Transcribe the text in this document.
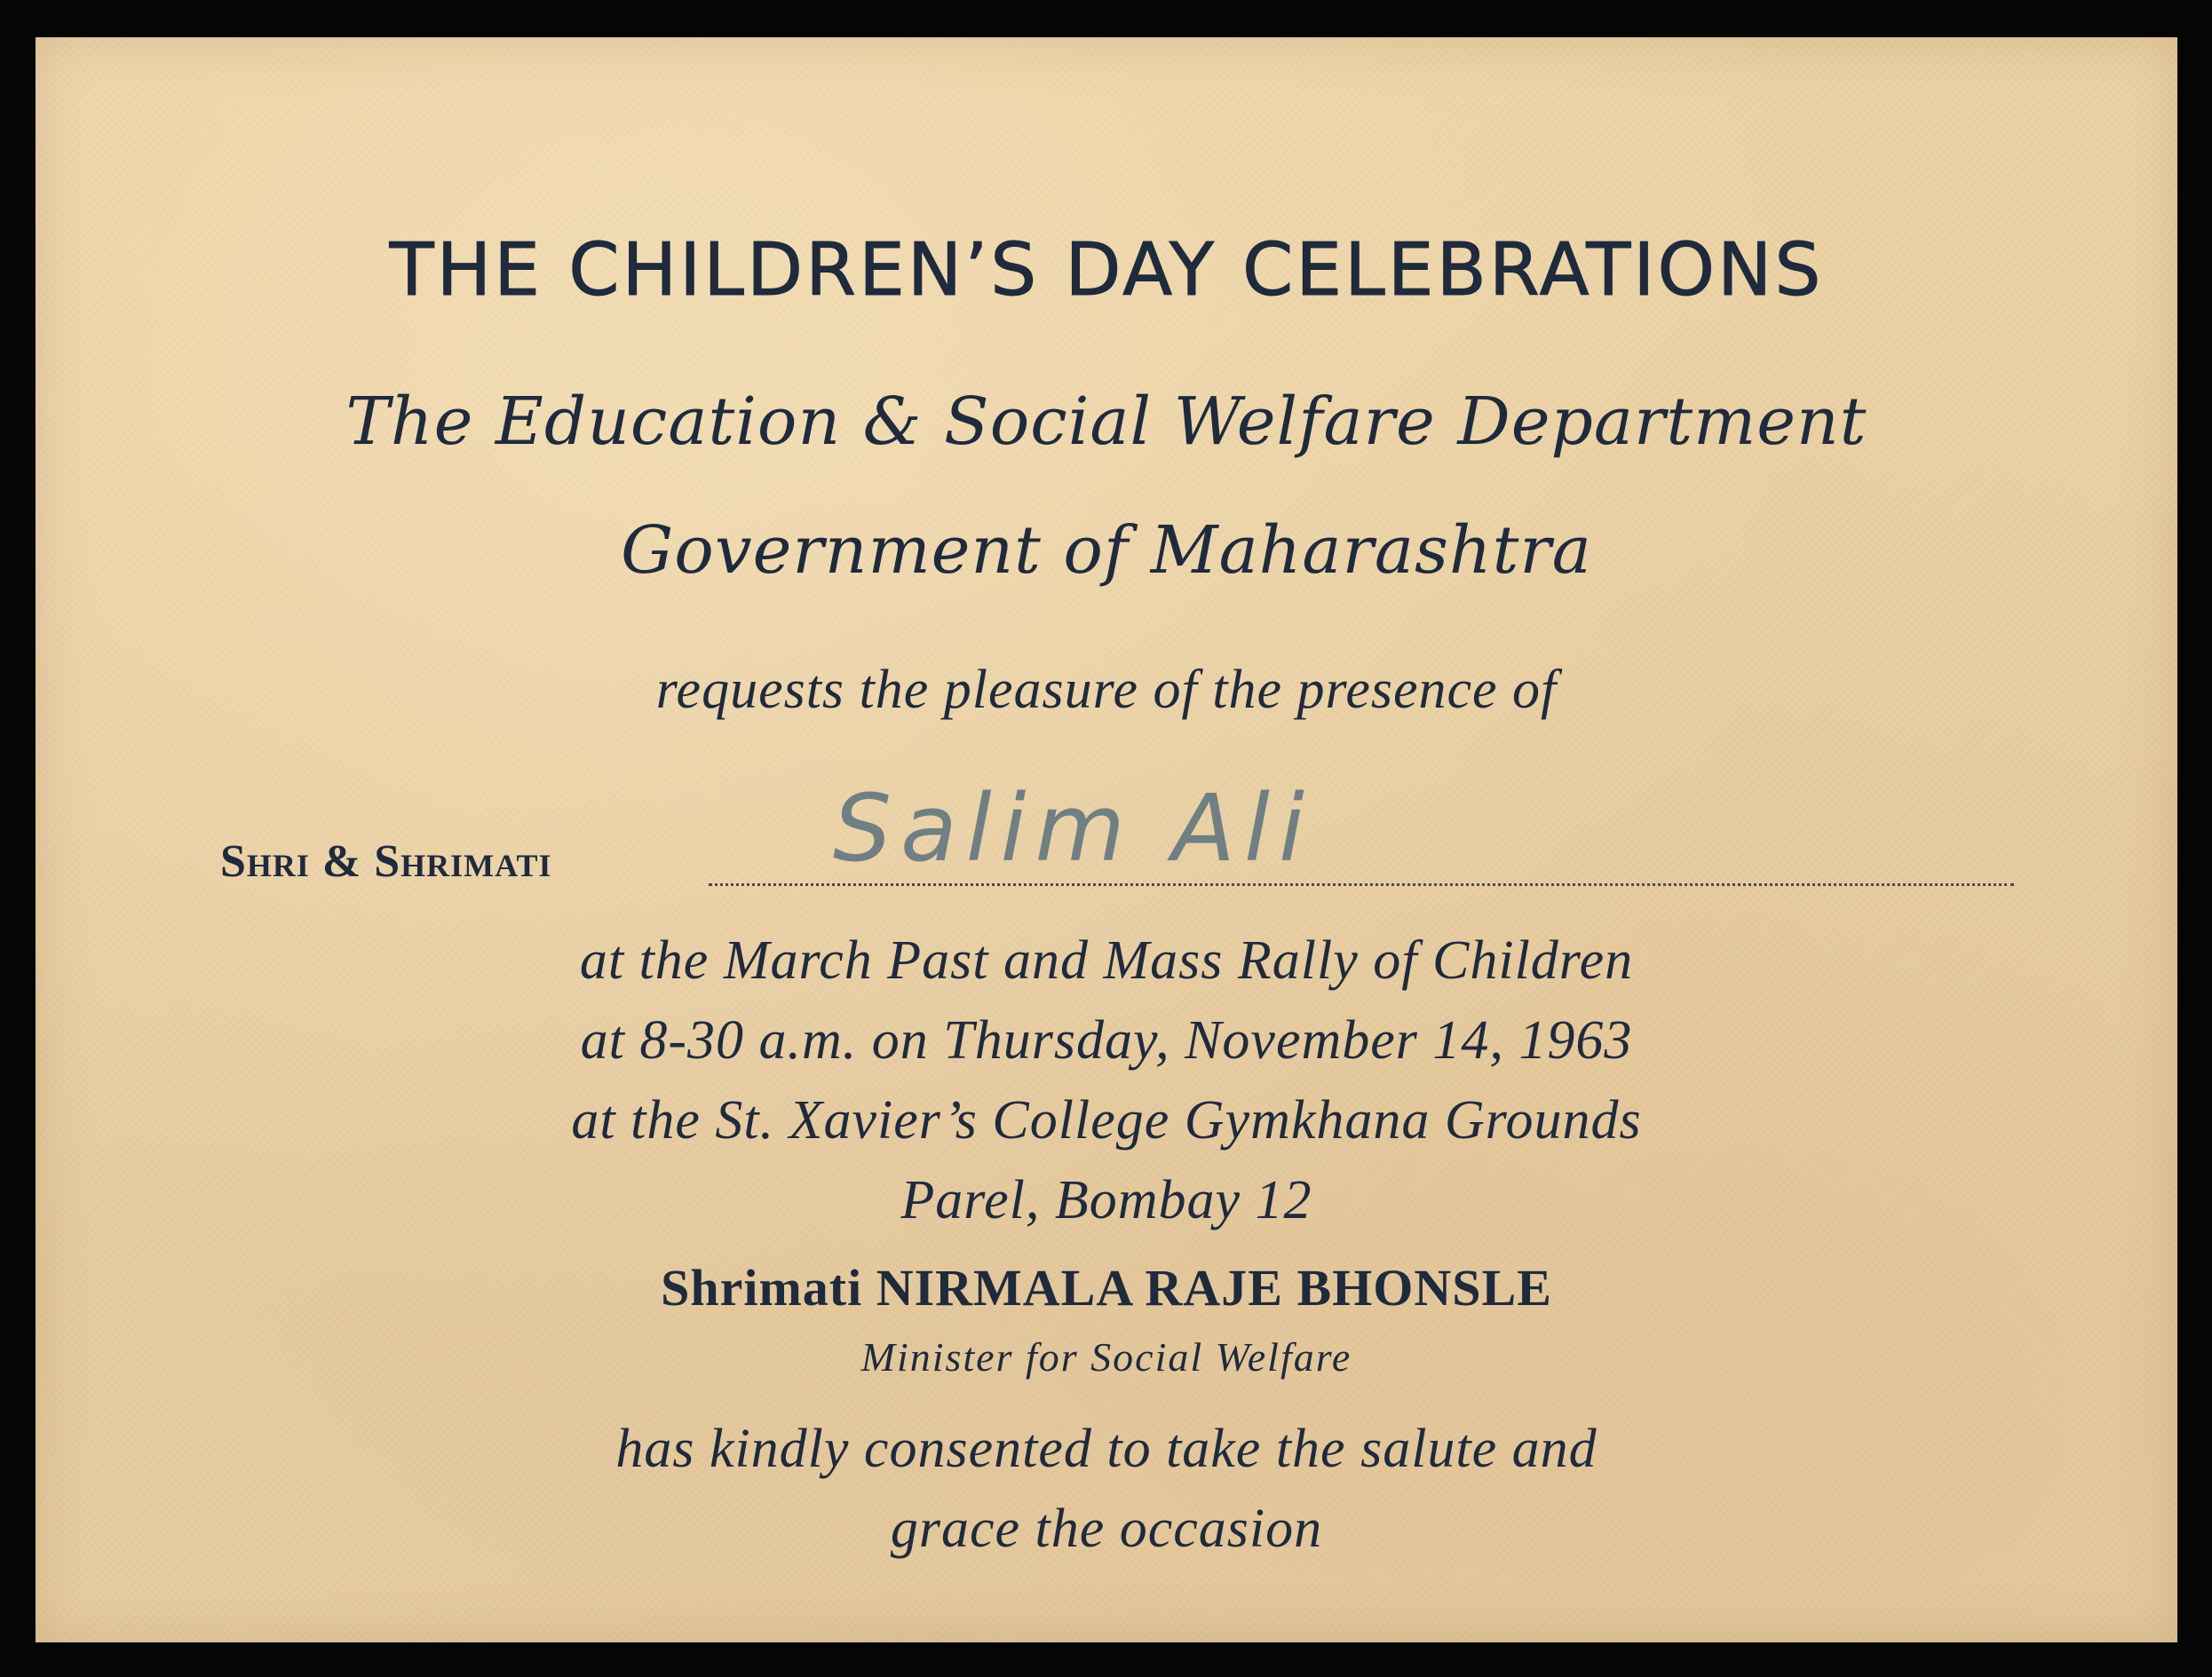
THE CHILDREN’S DAY CELEBRATIONS
The Education & Social Welfare Department
Government of Maharashtra
requests the pleasure of the presence of
Shri & Shrimati	Salim Ali
at the March Past and Mass Rally of Children
at 8-30 a.m. on Thursday, November 14, 1963
at the St. Xavier’s College Gymkhana Grounds
Parel, Bombay 12
Shrimati NIRMALA RAJE BHONSLE
Minister for Social Welfare
has kindly consented to take the salute and
grace the occasion
